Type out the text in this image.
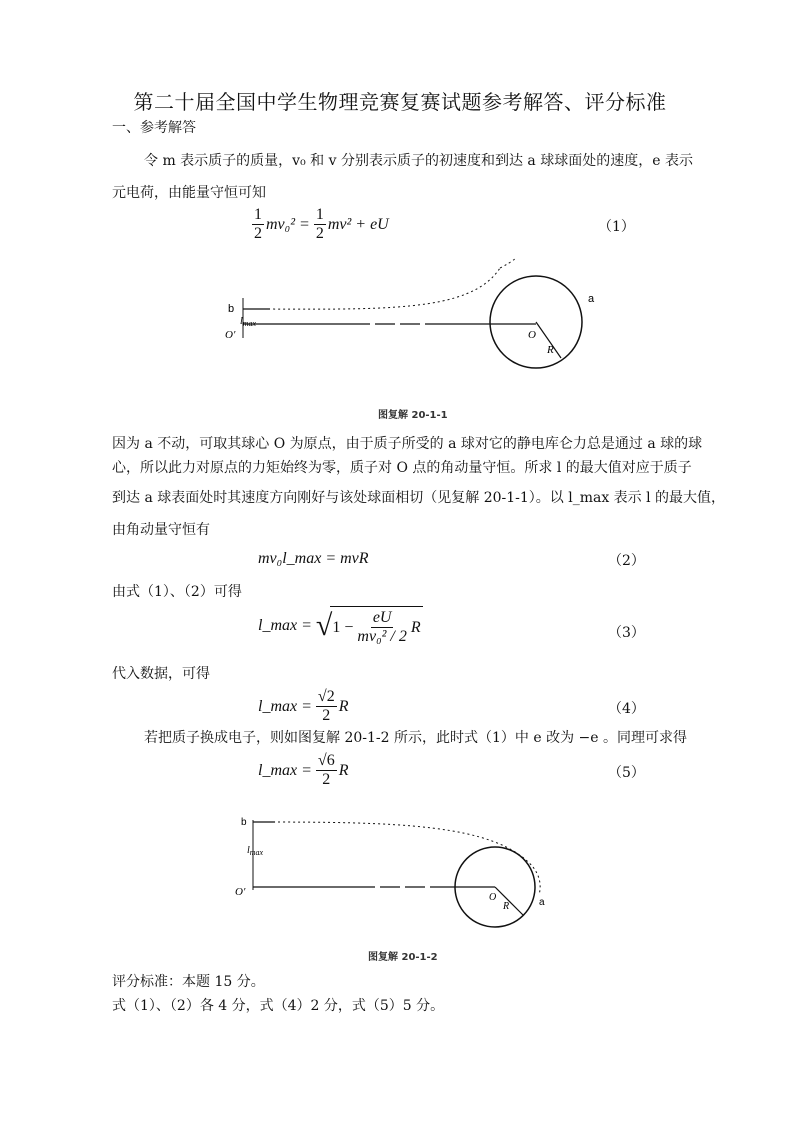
第二十届全国中学生物理竞赛复赛试题参考解答、评分标准
一、参考解答
令 m 表示质子的质量，v₀ 和 v 分别表示质子的初速度和到达 a 球球面处的速度，e 表示
元电荷，由能量守恒可知
$\frac{1}{2} mv_0^2 = \frac{1}{2} mv^2$ + eU	（1）
b
$l_{max}$
O′	O
R
a
图复解 20-1-1
因为 a 不动，可取其球心 O 为原点，由于质子所受的 a 球对它的静电库仑力总是通过 a 球的球
心，所以此力对原点的力矩始终为零，质子对 O 点的角动量守恒。所求 l 的最大值对应于质子
到达 a 球表面处时其速度方向刚好与该处球面相切（见复解 20-1-1）。以 l_max 表示 l 的最大值，
由角动量守恒有
mv₀l_max = mvR	（2）
由式（1）、（2）可得
l_max = √ $1 - \frac{eU}{\text{mv₀² / 2}}$ R	（3）
代入数据，可得
l_max = $\frac{√2}{2}$ R	（4）
若把质子换成电子，则如图复解 20-1-2 所示，此时式（1）中 e 改为 −e 。同理可求得
l_max = $\frac{√6}{2}$ R	（5）
b
$l_{max}$
O′	O
R	a
图复解 20-1-2
评分标准：本题 15 分。
式（1）、（2）各 4 分，式（4）2 分，式（5）5 分。
